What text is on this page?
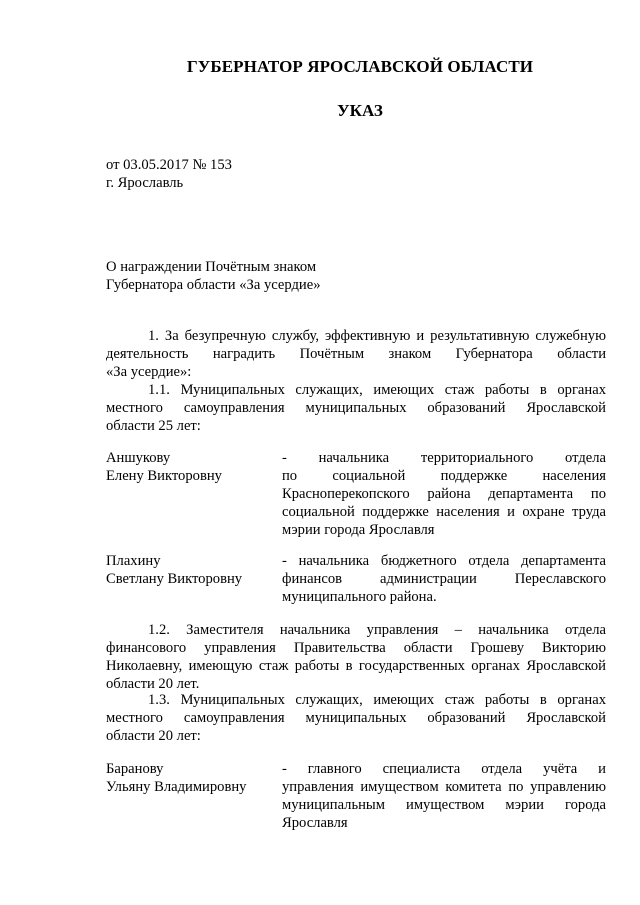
ГУБЕРНАТОР ЯРОСЛАВСКОЙ ОБЛАСТИ
УКАЗ
от 03.05.2017 № 153
г. Ярославль
О награждении Почётным знаком
Губернатора области «За усердие»
1. За безупречную службу, эффективную и результативную служебную
деятельность наградить Почётным знаком Губернатора области
«За усердие»:
1.1. Муниципальных служащих, имеющих стаж работы в органах
местного самоуправления муниципальных образований Ярославской
области 25 лет:
Аншукову
Елену Викторовну
- начальника территориального отдела
по социальной поддержке населения
Красноперекопского района департамента по
социальной поддержке населения и охране труда
мэрии города Ярославля
Плахину
Светлану Викторовну
- начальника бюджетного отдела департамента
финансов администрации Переславского
муниципального района.
1.2. Заместителя начальника управления – начальника отдела
финансового управления Правительства области Грошеву Викторию
Николаевну, имеющую стаж работы в государственных органах Ярославской
области 20 лет.
1.3. Муниципальных служащих, имеющих стаж работы в органах
местного самоуправления муниципальных образований Ярославской
области 20 лет:
Баранову
Ульяну Владимировну
- главного специалиста отдела учёта и
управления имуществом комитета по управлению
муниципальным имуществом мэрии города
Ярославля
